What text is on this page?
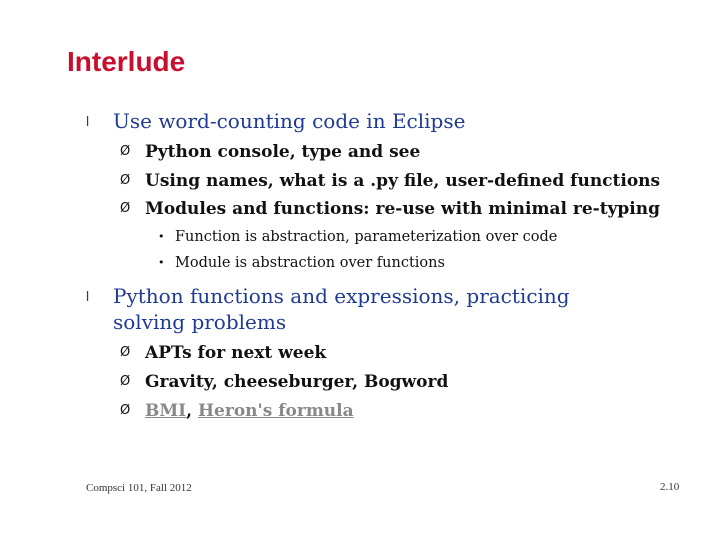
Interlude
l Use word-counting code in Eclipse
Ø Python console, type and see
Ø Using names, what is a .py file, user-defined functions
Ø Modules and functions: re-use with minimal re-typing
• Function is abstraction, parameterization over code
• Module is abstraction over functions
l Python functions and expressions, practicing
solving problems
Ø APTs for next week
Ø Gravity, cheeseburger, Bogword
Ø BMI, Heron's formula
Compsci 101, Fall 2012	2.10
